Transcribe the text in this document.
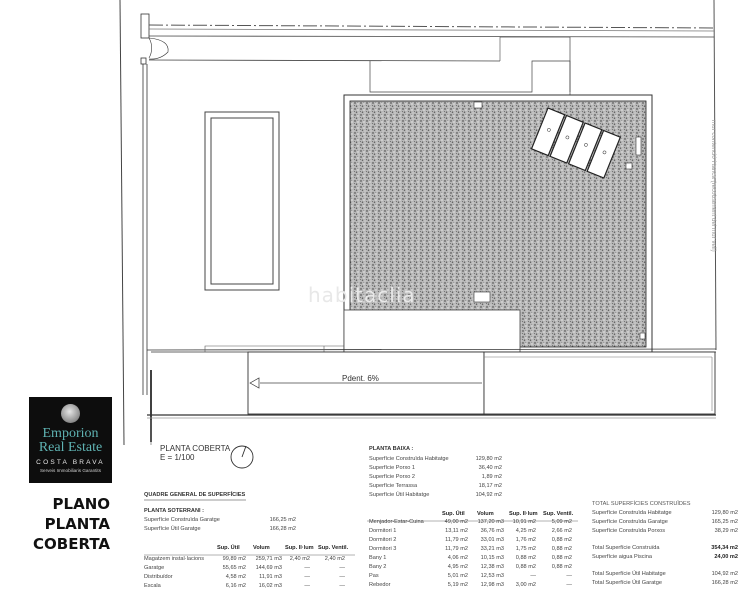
habitaclia
Pdent. 6%
mur contenció i tanca (recolzament del mur vell)
Emporion
Real Estate
COSTA BRAVA
Serveis Immobiliaris Garantits
PLANO
PLANTA
COBERTA
PLANTA COBERTA
E = 1/100
QUADRE GENERAL DE SUPERFÍCIES
PLANTA SOTERRANI :
Superfície Construïda Garatge	166,25 m2
Superfície Útil Garatge	166,28 m2
Sup. Útil Volum	Sup. Il·lum Sup. Ventil.
Magatzem instal·lacions	99,89 m2	259,71 m3	2,40 m2	2,40 m2
Garatge	55,65 m2	144,69 m3	—	—
Distribuïdor	4,58 m2	11,91 m3	—	—
Escala	6,16 m2	16,02 m3	—	—
PLANTA BAIXA :
Superfície Construïda Habitatge	129,80 m2
Superfície Porxo 1	36,40 m2
Superfície Porxo 2	1,89 m2
Superfície Terrassa	18,17 m2
Superfície Útil Habitatge	104,92 m2
Sup. Útil Volum	Sup. Il·lum Sup. Ventil.
Menjador-Estar-Cuina	49,00 m2	137,20 m3	10,91 m2	5,09 m2
Dormitori 1	13,11 m2	36,76 m3	4,25 m2	2,66 m2
Dormitori 2	11,79 m2	33,01 m3	1,76 m2	0,88 m2
Dormitori 3	11,79 m2	33,21 m3	1,75 m2	0,88 m2
Bany 1	4,06 m2	10,15 m3	0,88 m2	0,88 m2
Bany 2	4,95 m2	12,38 m3	0,88 m2	0,88 m2
Pas	5,01 m2	12,53 m3	—	—
Rebedor	5,19 m2	12,98 m3	3,00 m2	—
TOTAL SUPERFÍCIES CONSTRUÏDES
Superfície Construïda Habitatge	129,80 m2
Superfície Construïda Garatge	165,25 m2
Superfície Construïda Porxos	38,29 m2
Total Superfície Construïda	354,34 m2
Superfície aigua Piscina	24,00 m2
Total Superfície Útil Habitatge	104,92 m2
Total Superfície Útil Garatge	166,28 m2
